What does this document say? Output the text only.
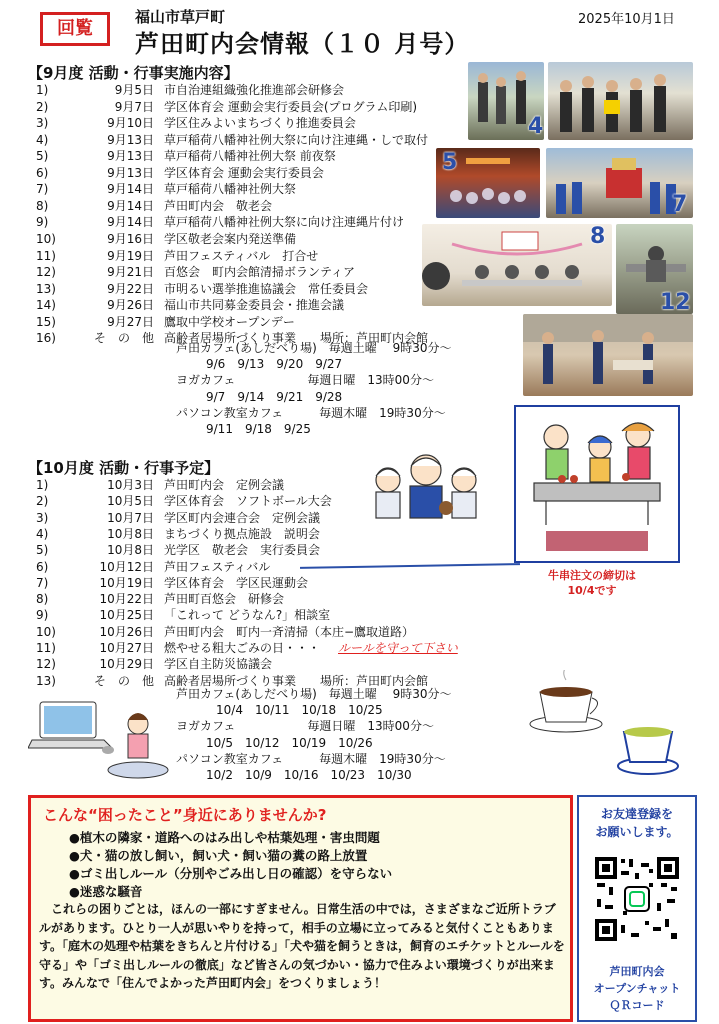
回覧
福山市草戸町
芦田町内会情報（１０ 月号）
2025年10月1日
【9月度 活動・行事実施内容】
1)	9月5日 市自治連組織強化推進部会研修会
2)	9月7日 学区体育会 運動会実行委員会(プログラム印刷)
3)	9月10日 学区住みよいまちづくり推進委員会
4)	9月13日 草戸稲荷八幡神社例大祭に向け注連縄・しで取付
5)	9月13日 草戸稲荷八幡神社例大祭 前夜祭
6)	9月13日 学区体育会 運動会実行委員会
7)	9月14日 草戸稲荷八幡神社例大祭
8)	9月14日 芦田町内会　敬老会
9)	9月14日 草戸稲荷八幡神社例大祭に向け注連縄片付け
10)	9月16日 学区敬老会案内発送準備
11)	9月19日 芦田フェスティバル　打合せ
12)	9月21日 百悠会　町内会館清掃ボランティア
13)	9月22日 市明るい選挙推進協議会　常任委員会
14)	9月26日 福山市共同募金委員会・推進会議
15)	9月27日 鷹取中学校オープンデー
16)	そ　の　他 高齢者居場所づくり事業　　場所：芦田町内会館
芦田カフェ(あしだべり場)　毎週土曜　 9時30分～
9/6　9/13　9/20　9/27
ヨガカフェ　　　　　　毎週日曜　13時00分～
9/7　9/14　9/21　9/28
パソコン教室カフェ　　　毎週木曜　19時30分～
9/11　9/18　9/25
【10月度 活動・行事予定】
1)	10月3日 芦田町内会　定例会議
2)	10月5日 学区体育会　ソフトボール大会
3)	10月7日 学区町内会連合会　定例会議
4)	10月8日 まちづくり拠点施設　説明会
5)	10月8日 光学区　敬老会　実行委員会
6)	10月12日 芦田フェスティバル
7)	10月19日 学区体育会　学区民運動会
8)	10月22日 芦田町百悠会　研修会
9)	10月25日 「これって どうなん?」相談室
10)	10月26日 芦田町内会　町内一斉清掃（本庄−鷹取道路）
11)	10月27日 燃やせる粗大ごみの日・・・
12)	10月29日 学区自主防災協議会
13)	そ　の　他 高齢者居場所づくり事業　　場所：芦田町内会館
芦田カフェ(あしだべり場)　毎週土曜　 9時30分～
10/4　10/11　10/18　10/25
ヨガカフェ　　　　　　毎週日曜　13時00分～
10/5　10/12　10/19　10/26
パソコン教室カフェ　　　毎週木曜　19時30分～
10/2　10/9　10/16　10/23　10/30
ルールを守って下さい
4
5
7
8
12
牛串注文の締切は
10/4です
こんな“困ったこと”身近にありませんか?
●植木の隣家・道路へのはみ出しや枯葉処理・害虫問題
●犬・猫の放し飼い，飼い犬・飼い猫の糞の路上放置
●ゴミ出しルール（分別やごみ出し日の確認）を守らない
●迷惑な騒音
　これらの困りごとは，ほんの一部にすぎません。日常生活の中では，さまざまなご近所トラブルがあります。ひとり一人が思いやりを持って，相手の立場に立ってみると気付くこともあります。「庭木の処理や枯葉をきちんと片付ける」「犬や猫を飼うときは，飼育のエチケットとルールを守る」や「ゴミ出しルールの徹底」など皆さんの気づかい・協力で住みよい環境づくりが出来ます。みんなで「住んでよかった芦田町内会」をつくりましょう！
お友達登録を
お願いします。
芦田町内会
オープンチャット
ＱＲコード
